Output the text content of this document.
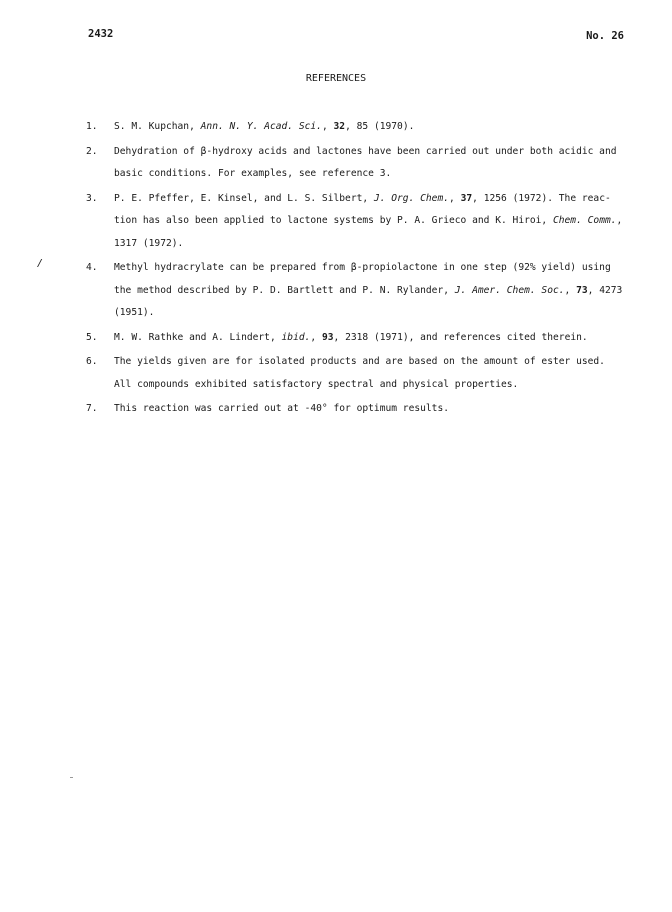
2432	No. 26
REFERENCES
/
1.	S. M. Kupchan, Ann. N. Y. Acad. Sci., 32, 85 (1970).
2.	Dehydration of β-hydroxy acids and lactones have been carried out under both acidic and
basic conditions. For examples, see reference 3.
3.	P. E. Pfeffer, E. Kinsel, and L. S. Silbert, J. Org. Chem., 37, 1256 (1972). The reac-
tion has also been applied to lactone systems by P. A. Grieco and K. Hiroi, Chem. Comm.,
1317 (1972).
4.	Methyl hydracrylate can be prepared from β-propiolactone in one step (92% yield) using
the method described by P. D. Bartlett and P. N. Rylander, J. Amer. Chem. Soc., 73, 4273
(1951).
5.	M. W. Rathke and A. Lindert, ibid., 93, 2318 (1971), and references cited therein.
6.	The yields given are for isolated products and are based on the amount of ester used.
All compounds exhibited satisfactory spectral and physical properties.
7.	This reaction was carried out at -40° for optimum results.
